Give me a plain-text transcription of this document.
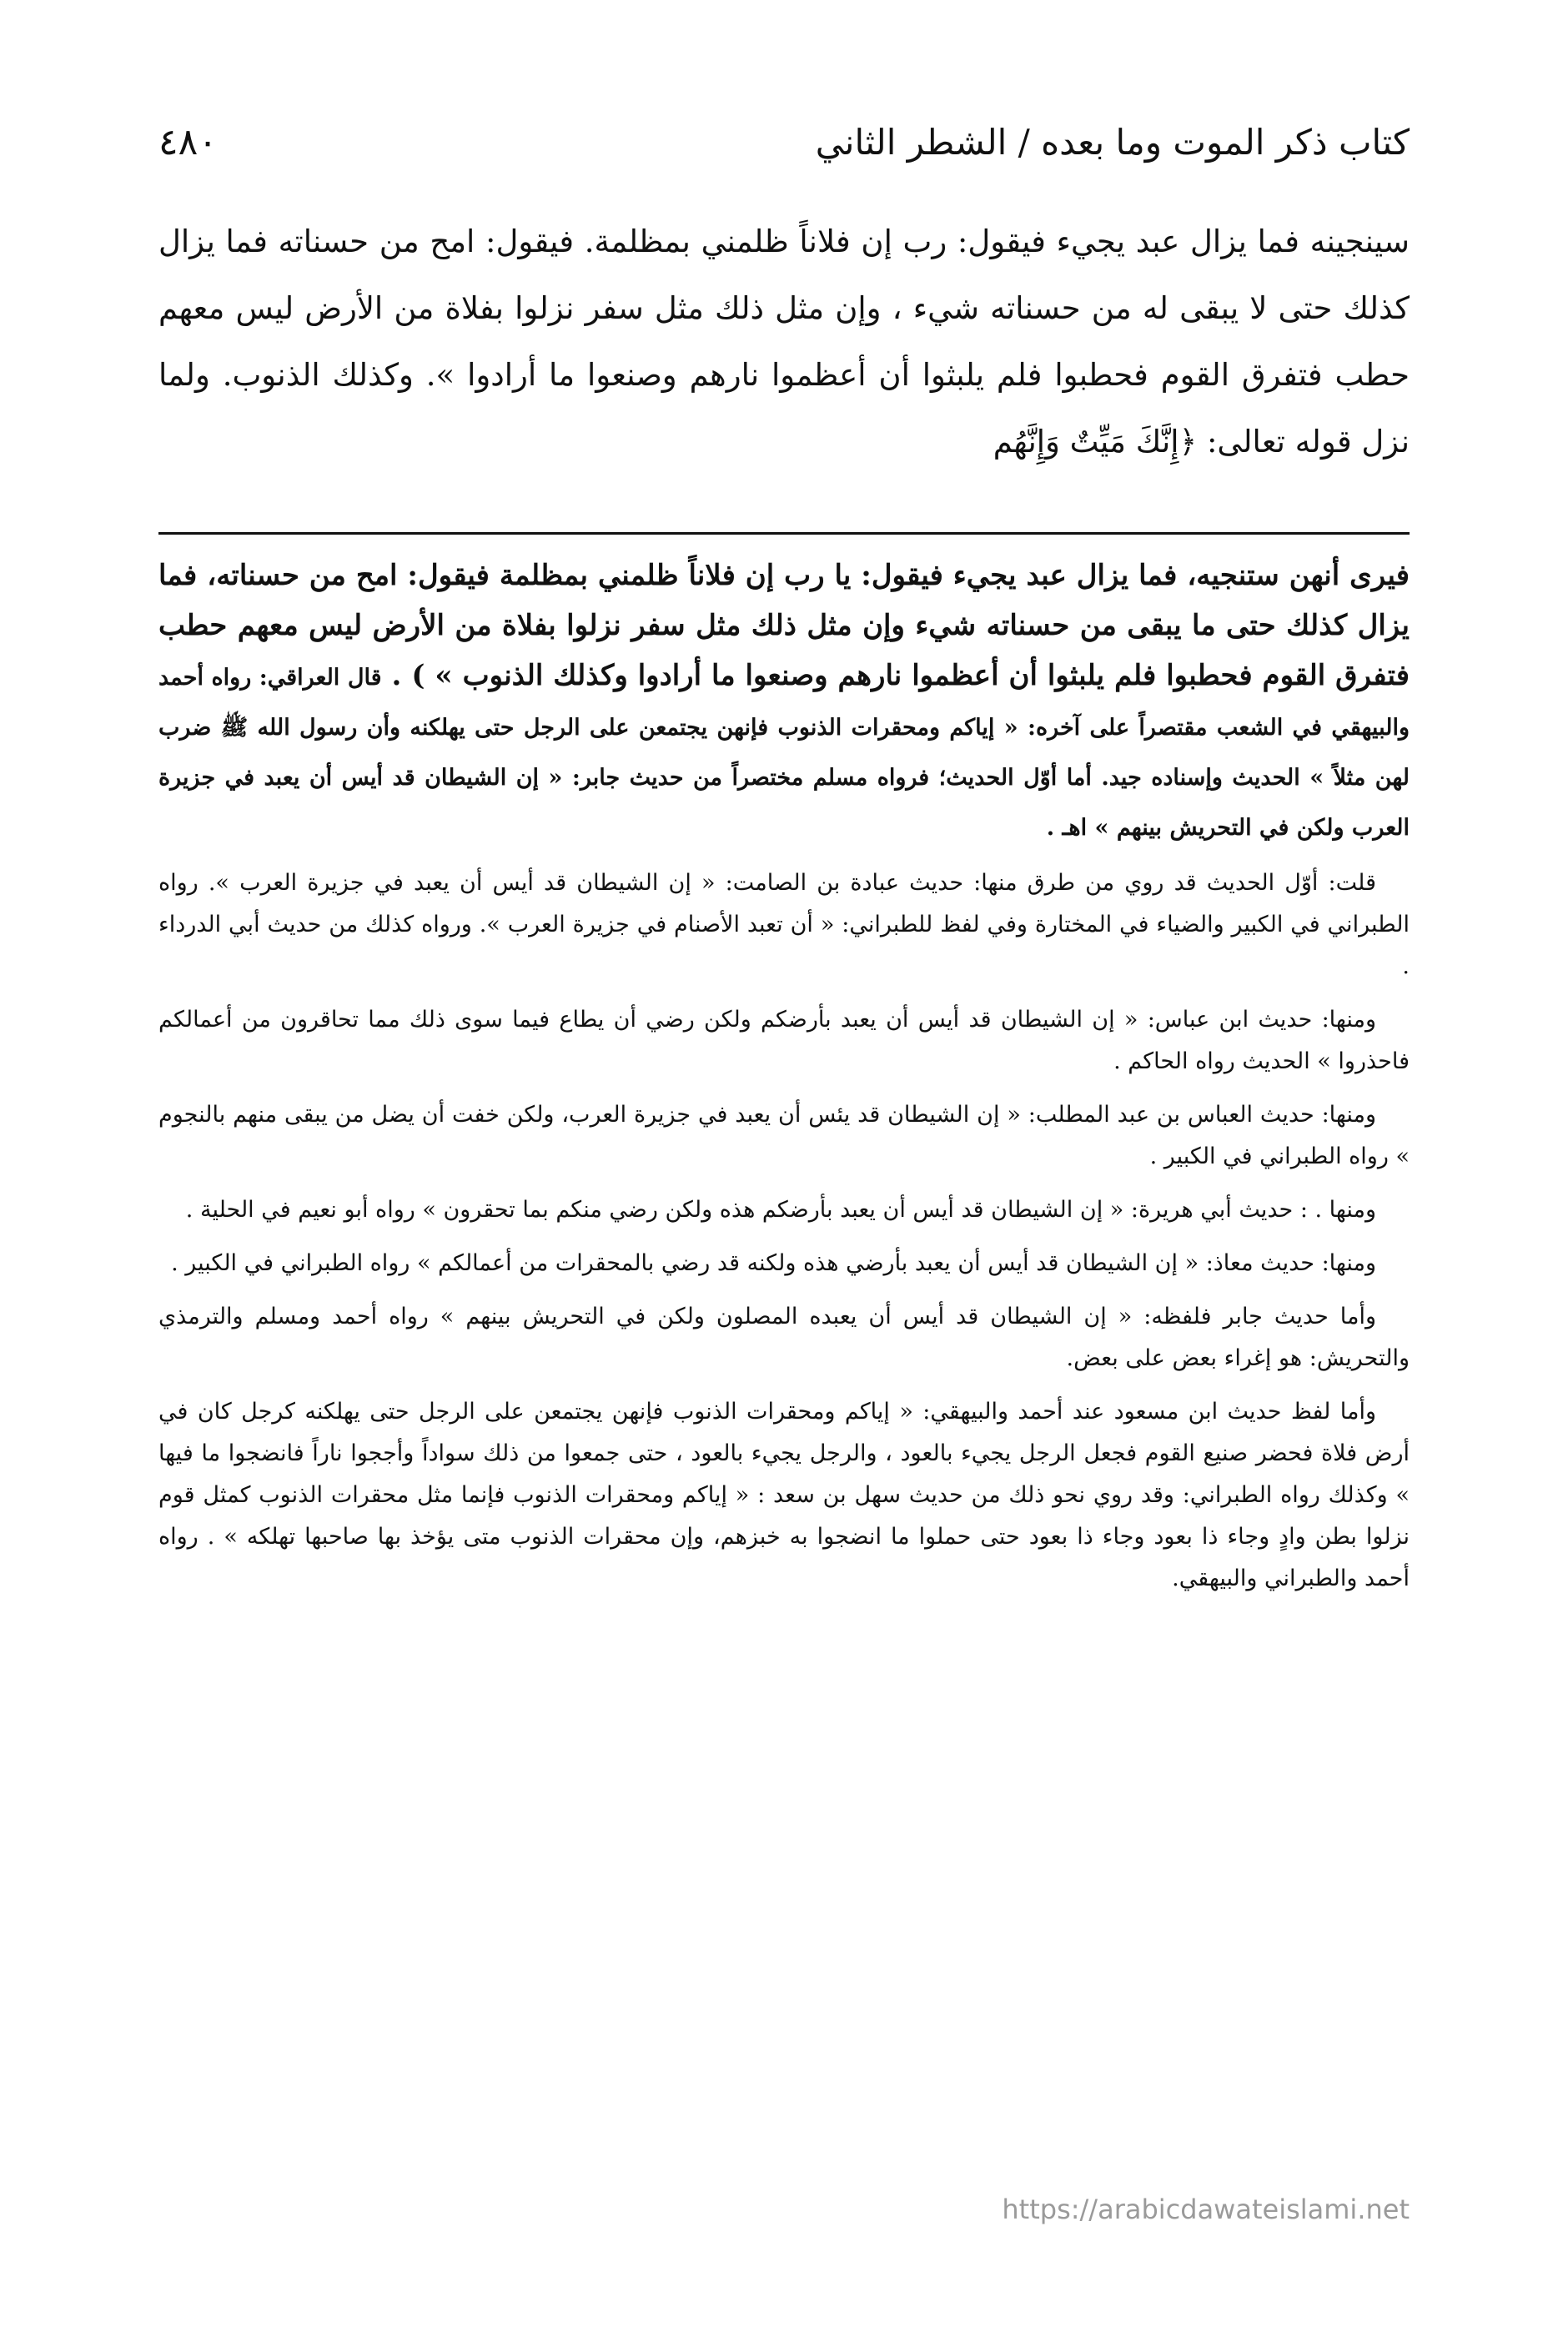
٤٨٠	كتاب ذكر الموت وما بعده / الشطر الثاني

سينجينه فما يزال عبد يجيء فيقول: رب إن فلاناً ظلمني بمظلمة. فيقول: امح من حسناته فما يزال كذلك حتى لا يبقى له من حسناته شيء ، وإن مثل ذلك مثل سفر نزلوا بفلاة من الأرض ليس معهم حطب فتفرق القوم فحطبوا فلم يلبثوا أن أعظموا نارهم وصنعوا ما أرادوا ». وكذلك الذنوب. ولما نزل قوله تعالى: ﴿إِنَّكَ مَيِّتٌ وَإِنَّهُم

فيرى أنهن ستنجيه، فما يزال عبد يجيء فيقول: يا رب إن فلاناً ظلمني بمظلمة فيقول: امح من حسناته، فما يزال كذلك حتى ما يبقى من حسناته شيء وإن مثل ذلك مثل سفر نزلوا بفلاة من الأرض ليس معهم حطب فتفرق القوم فحطبوا فلم يلبثوا أن أعظموا نارهم وصنعوا ما أرادوا وكذلك الذنوب » ) . قال العراقي: رواه أحمد والبيهقي في الشعب مقتصراً على آخره: « إياكم ومحقرات الذنوب فإنهن يجتمعن على الرجل حتى يهلكنه وأن رسول الله ﷺ ضرب لهن مثلاً » الحديث وإسناده جيد. أما أوّل الحديث؛ فرواه مسلم مختصراً من حديث جابر: « إن الشيطان قد أيس أن يعبد في جزيرة العرب ولكن في التحريش بينهم » اهـ .

قلت: أوّل الحديث قد روي من طرق منها: حديث عبادة بن الصامت: « إن الشيطان قد أيس أن يعبد في جزيرة العرب ». رواه الطبراني في الكبير والضياء في المختارة وفي لفظ للطبراني: « أن تعبد الأصنام في جزيرة العرب ». ورواه كذلك من حديث أبي الدرداء .

ومنها: حديث ابن عباس: « إن الشيطان قد أيس أن يعبد بأرضكم ولكن رضي أن يطاع فيما سوى ذلك مما تحاقرون من أعمالكم فاحذروا » الحديث رواه الحاكم .

ومنها: حديث العباس بن عبد المطلب: « إن الشيطان قد يئس أن يعبد في جزيرة العرب، ولكن خفت أن يضل من يبقى منهم بالنجوم » رواه الطبراني في الكبير .

ومنها . : حديث أبي هريرة: « إن الشيطان قد أيس أن يعبد بأرضكم هذه ولكن رضي منكم بما تحقرون » رواه أبو نعيم في الحلية .

ومنها: حديث معاذ: « إن الشيطان قد أيس أن يعبد بأرضي هذه ولكنه قد رضي بالمحقرات من أعمالكم » رواه الطبراني في الكبير .

وأما حديث جابر فلفظه: « إن الشيطان قد أيس أن يعبده المصلون ولكن في التحريش بينهم » رواه أحمد ومسلم والترمذي والتحريش: هو إغراء بعض على بعض.

وأما لفظ حديث ابن مسعود عند أحمد والبيهقي: « إياكم ومحقرات الذنوب فإنهن يجتمعن على الرجل حتى يهلكنه كرجل كان في أرض فلاة فحضر صنيع القوم فجعل الرجل يجيء بالعود ، والرجل يجيء بالعود ، حتى جمعوا من ذلك سواداً وأججوا ناراً فانضجوا ما فيها » وكذلك رواه الطبراني: وقد روي نحو ذلك من حديث سهل بن سعد : « إياكم ومحقرات الذنوب فإنما مثل محقرات الذنوب كمثل قوم نزلوا بطن وادٍ وجاء ذا بعود وجاء ذا بعود حتى حملوا ما انضجوا به خبزهم، وإن محقرات الذنوب متى يؤخذ بها صاحبها تهلكه » . رواه أحمد والطبراني والبيهقي.

https://arabicdawateislami.net
